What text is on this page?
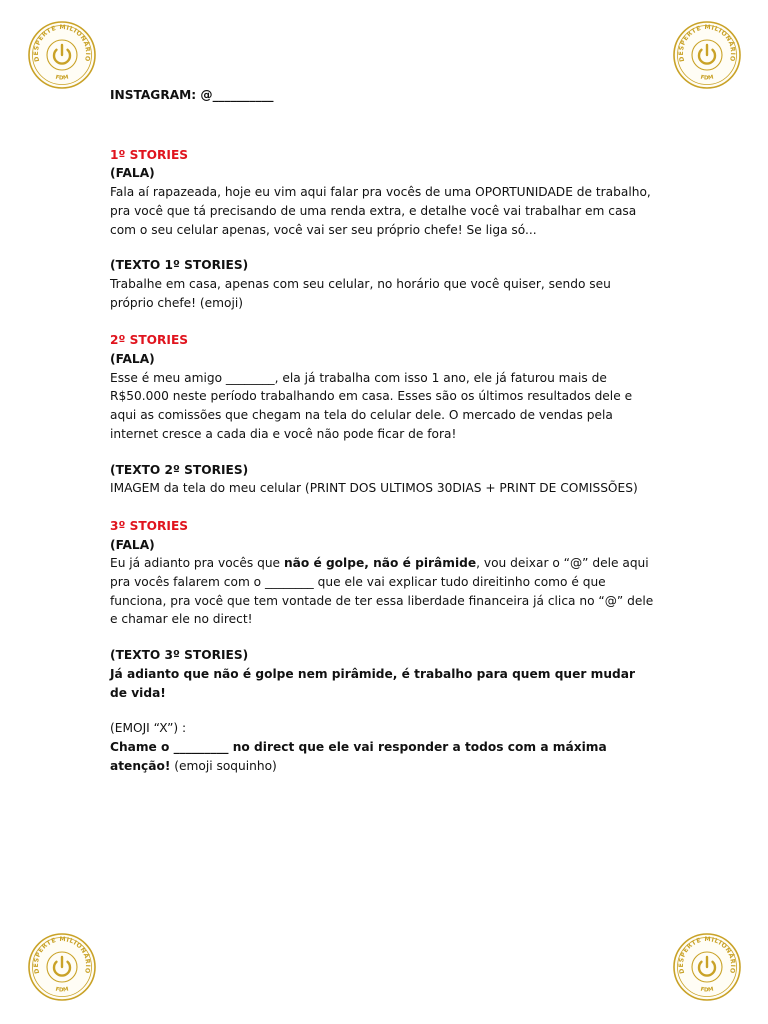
DESPERTE MILIONÁRIO
FDM
DESPERTE MILIONÁRIO
FDM
DESPERTE MILIONÁRIO
FDM
DESPERTE MILIONÁRIO
FDM

INSTAGRAM: @__________

1º STORIES

(FALA)

Fala aí rapazeada, hoje eu vim aqui falar pra vocês de uma OPORTUNIDADE de trabalho, pra você que tá precisando de uma renda extra, e detalhe você vai trabalhar em casa com o seu celular apenas, você vai ser seu próprio chefe! Se liga só...

(TEXTO 1º STORIES)

Trabalhe em casa, apenas com seu celular, no horário que você quiser, sendo seu próprio chefe! (emoji)

2º STORIES

(FALA)

Esse é meu amigo ________, ela já trabalha com isso 1 ano, ele já faturou mais de R$50.000 neste período trabalhando em casa. Esses são os últimos resultados dele e aqui as comissões que chegam na tela do celular dele. O mercado de vendas pela internet cresce a cada dia e você não pode ficar de fora!

(TEXTO 2º STORIES)

IMAGEM da tela do meu celular (PRINT DOS ULTIMOS 30DIAS + PRINT DE COMISSÕES)

3º STORIES

(FALA)

Eu já adianto pra vocês que não é golpe, não é pirâmide, vou deixar o “@” dele aqui pra vocês falarem com o ________ que ele vai explicar tudo direitinho como é que funciona, pra você que tem vontade de ter essa liberdade financeira já clica no “@” dele e chamar ele no direct!

(TEXTO 3º STORIES)

Já adianto que não é golpe nem pirâmide, é trabalho para quem quer mudar de vida!

(EMOJI “X”) :

Chame o _________ no direct que ele vai responder a todos com a máxima atenção! (emoji soquinho)
